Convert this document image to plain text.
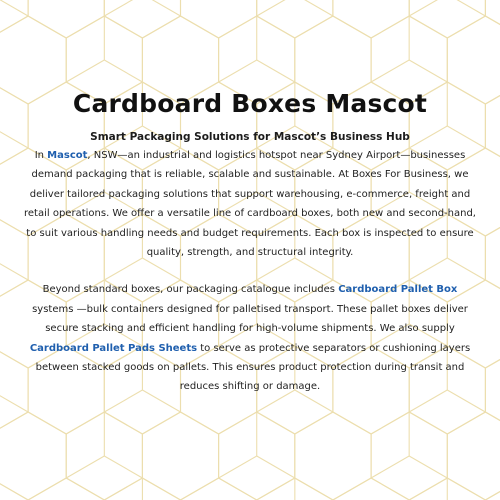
Cardboard Boxes Mascot
Smart Packaging Solutions for Mascot’s Business Hub

In Mascot, NSW—an industrial and logistics hotspot near Sydney Airport—businesses demand packaging that is reliable, scalable and sustainable. At Boxes For Business, we deliver tailored packaging solutions that support warehousing, e-commerce, freight and retail operations. We offer a versatile line of cardboard boxes, both new and second-hand, to suit various handling needs and budget requirements. Each box is inspected to ensure quality, strength, and structural integrity.

Beyond standard boxes, our packaging catalogue includes Cardboard Pallet Box systems —bulk containers designed for palletised transport. These pallet boxes deliver secure stacking and efficient handling for high-volume shipments. We also supply Cardboard Pallet Pads Sheets to serve as protective separators or cushioning layers between stacked goods on pallets. This ensures product protection during transit and reduces shifting or damage.
